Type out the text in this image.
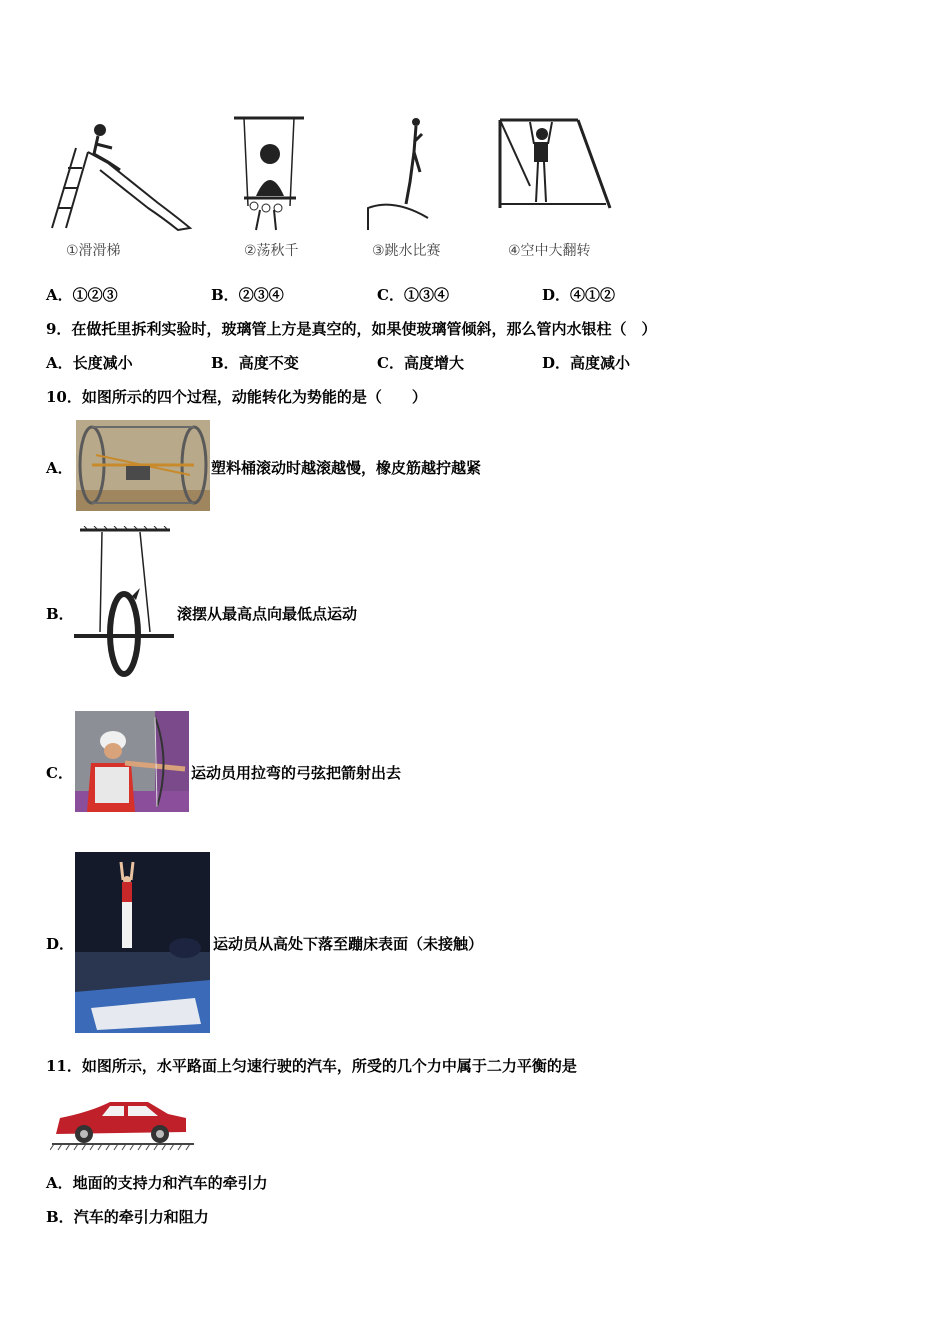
①滑滑梯	②荡秋千	③跳水比赛	④空中大翻转
A．①②③	B．②③④	C．①③④	D．④①②
9．在做托里拆利实验时，玻璃管上方是真空的，如果使玻璃管倾斜，那么管内水银柱（　）
A．长度减小	B．高度不变	C．高度增大	D．高度减小
10．如图所示的四个过程，动能转化为势能的是（　　）
A．	塑料桶滚动时越滚越慢，橡皮筋越拧越紧
B．	滚摆从最高点向最低点运动
C．	运动员用拉弯的弓弦把箭射出去
D．	运动员从高处下落至蹦床表面（未接触）
11．如图所示，水平路面上匀速行驶的汽车，所受的几个力中属于二力平衡的是
A．地面的支持力和汽车的牵引力
B．汽车的牵引力和阻力
